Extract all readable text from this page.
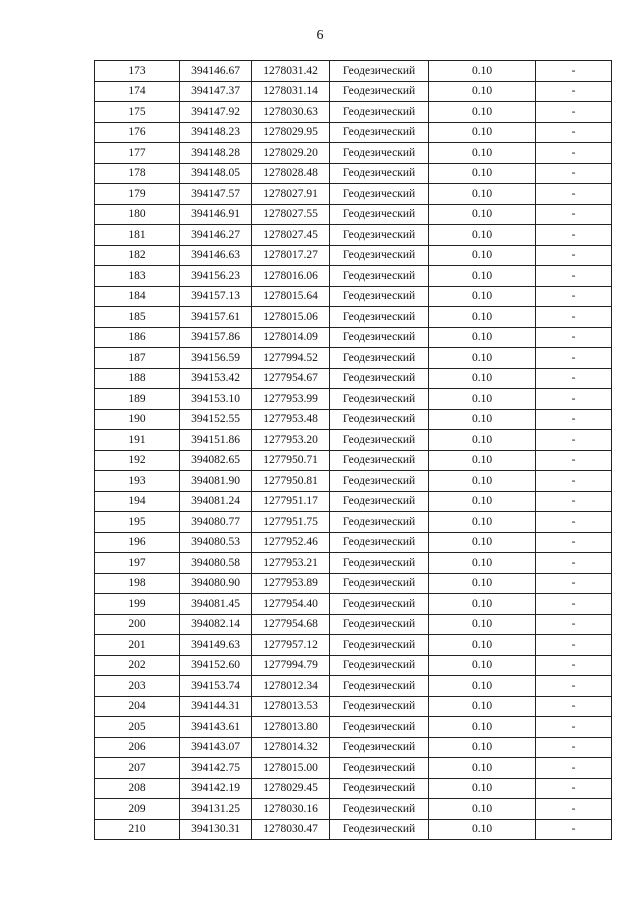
6
173	394146.67	1278031.42	Геодезический	0.10	-
174	394147.37	1278031.14	Геодезический	0.10	-
175	394147.92	1278030.63	Геодезический	0.10	-
176	394148.23	1278029.95	Геодезический	0.10	-
177	394148.28	1278029.20	Геодезический	0.10	-
178	394148.05	1278028.48	Геодезический	0.10	-
179	394147.57	1278027.91	Геодезический	0.10	-
180	394146.91	1278027.55	Геодезический	0.10	-
181	394146.27	1278027.45	Геодезический	0.10	-
182	394146.63	1278017.27	Геодезический	0.10	-
183	394156.23	1278016.06	Геодезический	0.10	-
184	394157.13	1278015.64	Геодезический	0.10	-
185	394157.61	1278015.06	Геодезический	0.10	-
186	394157.86	1278014.09	Геодезический	0.10	-
187	394156.59	1277994.52	Геодезический	0.10	-
188	394153.42	1277954.67	Геодезический	0.10	-
189	394153.10	1277953.99	Геодезический	0.10	-
190	394152.55	1277953.48	Геодезический	0.10	-
191	394151.86	1277953.20	Геодезический	0.10	-
192	394082.65	1277950.71	Геодезический	0.10	-
193	394081.90	1277950.81	Геодезический	0.10	-
194	394081.24	1277951.17	Геодезический	0.10	-
195	394080.77	1277951.75	Геодезический	0.10	-
196	394080.53	1277952.46	Геодезический	0.10	-
197	394080.58	1277953.21	Геодезический	0.10	-
198	394080.90	1277953.89	Геодезический	0.10	-
199	394081.45	1277954.40	Геодезический	0.10	-
200	394082.14	1277954.68	Геодезический	0.10	-
201	394149.63	1277957.12	Геодезический	0.10	-
202	394152.60	1277994.79	Геодезический	0.10	-
203	394153.74	1278012.34	Геодезический	0.10	-
204	394144.31	1278013.53	Геодезический	0.10	-
205	394143.61	1278013.80	Геодезический	0.10	-
206	394143.07	1278014.32	Геодезический	0.10	-
207	394142.75	1278015.00	Геодезический	0.10	-
208	394142.19	1278029.45	Геодезический	0.10	-
209	394131.25	1278030.16	Геодезический	0.10	-
210	394130.31	1278030.47	Геодезический	0.10	-
